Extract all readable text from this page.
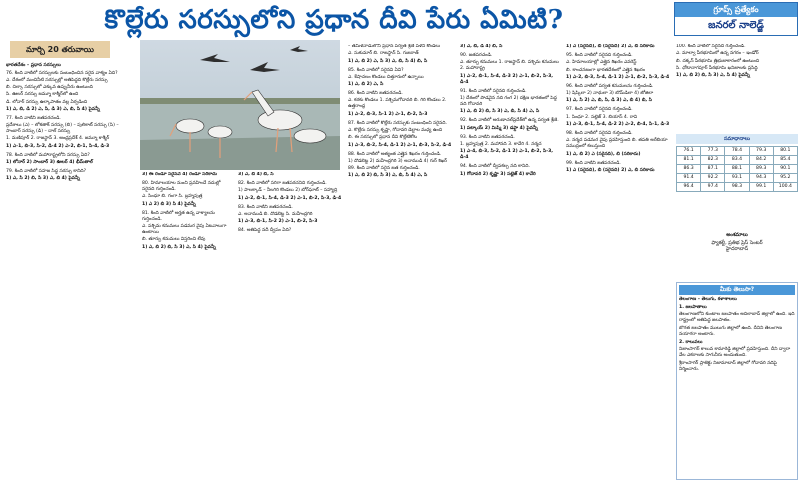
కొల్లేరు సరస్సులోని ప్రధాన దీవి పేరు ఏమిటి?	గ్రూప్స్ ప్రత్యేకం
జనరల్ నాలెడ్జ్
మార్చి 20 తరువాయి

భారతదేశం – ప్రధాన సరస్సులు

76. కింది వాటిలో సరస్సులకు సంబంధించిన సరైన వాక్యం ఏది?

ఎ. దేశంలో మంచినీటి సరస్సుల్లో అతిపెద్దది కొల్లేరు సరస్సు

బి. చిల్కా సరస్సులో ఎక్కువ ఉప్పునీరు ఉంటుంది

సి. ఊలర్ సరస్సు జమ్మూ కాశ్మీర్‌లో ఉంది

డి. లోనార్ సరస్సు ఉల్కాపాతం వల్ల ఏర్పడింది

1) ఎ, బి, డి 2) ఎ, సి, డి 3) ఎ, బి, సి 4) పైవన్నీ

77. కింది వాటిని జతపరచండి.

ప్రదేశాలు (ఎ) – లోకతాక్ సరస్సు (బి) – పులికాట్ సరస్సు (సి) – సాంబార్ సరస్సు (డి) – దాల్ సరస్సు

1. మణిపూర్ 2. రాజస్థాన్ 3. ఆంధ్రప్రదేశ్ 4. జమ్మూ కాశ్మీర్

1) ఎ-1, బి-3, సి-2, డి-4 2) ఎ-2, బి-1, సి-4, డి-3

78. కింది వాటిలో మహారాష్ట్రలోని సరస్సు ఏది?

1) లోనార్ 2) సాంబార్ 3) ఊలర్ 4) భీమ్‌తాల్

79. కింది వాటిలో సహజ సిద్ధ సరస్సు కానిది?

1) ఎ, సి 2) బి, సి 3) ఎ, బి 4) పైవన్నీ

3) ఈ రెండూ సరైనవే 4) రెండూ సరికాదు

80. హిమాలయాల నుంచి ప్రవహించే నదుల్లో సరైనది గుర్తించండి.

ఎ. సింధూ బి. గంగా సి. బ్రహ్మపుత్ర

1) ఎ 2) బి 3) సి 4) పైవన్నీ

81. కింది వాటిలో అర్హత ఉన్న వాక్యాలను గుర్తించండి.

ఎ. పశ్చిమ కనుమలు పడమర వైపు ఏటవాలుగా ఉంటాయి

బి. తూర్పు కనుమలు విస్తరించి లేవు

1) ఎ, బి 2) బి, సి 3) ఎ, సి 4) పైవన్నీ

3) ఎ, బి 4) బి, సి

82. కింది వాటిలో సరిగా జతపరచనిది గుర్తించండి.

1) పాలక్కాడ్ – నీలగిరి కొండలు 2) బోర్‌ఘాట్ – సహ్యాద్రి

1) ఎ-2, బి-1, సి-4, డి-3 2) ఎ-1, బి-2, సి-3, డి-4

83. కింది వాటిని జతపరచండి.

ఎ. అనాముడి బి. దొడబెట్ట సి. మహేంద్రగిరి

1) ఎ-3, బి-1, సి-2 2) ఎ-1, బి-2, సి-3

84. అతిపెద్ద నదీ ద్వీపం ఏది?

– తమిళనాడులోని ప్రధాన పర్వత శ్రేణి పళని కొండలు

ఎ. సుకుమార్ బి. రాజస్థాన్ సి. గుజరాత్

1) ఎ, బి 2) ఎ, సి 3) ఎ, బి, సి 4) బి, సి

85. కింది వాటిలో సరైనవి ఏవి?

ఎ. శేషాచలం కొండలు చిత్తూరులో ఉన్నాయి

1) ఎ, బి 2) ఎ, సి

86. కింది వాటిని జతపరచండి.

ఎ. కరకు కొండలు 1. పశ్చిమగోదావరి బి. గిరి కొండలు 2. ఉత్తరాంధ్ర

1) ఎ-2, బి-3, సి-1 2) ఎ-1, బి-2, సి-3

87. కింది వాటిలో కొల్లేరు సరస్సుకు సంబంధించి సరైనది.

ఎ. కొల్లేరు సరస్సు కృష్ణా, గోదావరి డెల్టాల మధ్య ఉంది

బి. ఈ సరస్సులో ప్రధాన దీవి కొల్లేటికోట

1) ఎ-3, బి-2, సి-4, డి-1 2) ఎ-1, బి-3, సి-2, డి-4

88. కింది వాటిలో అత్యంత ఎత్తైన శిఖరం గుర్తించండి.

1) దొడబెట్ట 2) మహేంద్రగిరి 3) అనాముడి 4) గుర్ శిఖర్

89. కింది వాటిలో సరైన జత గుర్తించండి.

1) ఎ, బి 2) బి, సి 3) ఎ, బి, సి 4) ఎ, సి

3) ఎ, బి, డి 4) బి, సి

90. జతపరచండి.

ఎ. తూర్పు కనుమలు 1. రాజస్థాన్ బి. పశ్చిమ కనుమలు 2. మహారాష్ట్ర

1) ఎ-2, బి-1, సి-4, డి-3 2) ఎ-1, బి-2, సి-3, డి-4

91. కింది వాటిలో సరైనది గుర్తించండి.

1) దేశంలో పొడవైన నది గంగ 2) దక్షిణ భారతంలో పెద్ద నది గోదావరి

1) ఎ, బి 2) బి, సి 3) ఎ, బి, సి 4) ఎ, సి

92. కింది వాటిలో అరుణాచల్‌ప్రదేశ్‌లో ఉన్న పర్వత శ్రేణి.

1) పట్కాయ్ 2) మిష్మి 3) డఫ్లా 4) పైవన్నీ

93. కింది వాటిని జతపరచండి.

1. బ్రహ్మపుత్ర 2. మహానది 3. కావేరి 4. నర్మద

1) ఎ-4, బి-3, సి-2, డి-1 2) ఎ-1, బి-2, సి-3, డి-4

94. కింది వాటిలో ద్వీపకల్ప నది కానిది.

1) గోదావరి 2) కృష్ణా 3) సట్లెజ్ 4) కావేరి

1) ఎ (సరైనది), బి (సరైనది) 2) ఎ, బి సరికాదు

95. కింది వాటిలో సరైనది గుర్తించండి.

ఎ. హిమాలయాల్లో ఎత్తైన శిఖరం ఎవరెస్ట్

బి. కాంచనజంగా భారతదేశంలో ఎత్తైన శిఖరం

1) ఎ-2, బి-3, సి-4, డి-1 2) ఎ-1, బి-2, సి-3, డి-4

96. కింది వాటిలో పర్వత కనుమలను గుర్తించండి.

1) షిప్కిలా 2) నాథులా 3) బొమ్‌డిలా 4) జోజిలా

1) ఎ, సి 2) ఎ, బి, సి, డి 3) ఎ, బి 4) బి, సి

97. కింది వాటిలో సరైనది గుర్తించండి.

1. సింధూ 2. సట్లెజ్ 3. బియాస్ 4. రావి

1) ఎ-3, బి-1, సి-4, డి-2 2) ఎ-2, బి-4, సి-1, డి-3

98. కింది వాటిలో సరైనవి గుర్తించండి.

ఎ. నర్మద పడమర వైపు ప్రవహిస్తుంది బి. తపతి అరేబియా సముద్రంలో కలుస్తుంది

1) ఎ, బి 2) ఎ (సరైనది), బి (సరికాదు)

99. కింది వాటిని జతపరచండి.

1) ఎ (సరైనది), బి (సరైనది) 2) ఎ, బి సరికాదు

100. కింది వాటిలో సరైనది గుర్తించండి.

ఎ. మాల్వా పీఠభూమిలో ఉన్న నగరం – ఇండోర్

బి. దక్కన్ పీఠభూమి త్రిభుజాకారంలో ఉంటుంది

సి. ఛోటానాగపూర్ పీఠభూమి ఖనిజాలకు ప్రసిద్ధి

1) ఎ, బి 2) బి, సి 3) ఎ, సి 4) పైవన్నీ

సమాధానాలు
76.1	77.3	78.4	79.3	80.1
81.1	82.3	83.4	84.2	85.4
86.3	87.1	88.1	89.3	90.1
91.4	92.2	93.1	94.3	95.2
96.4	97.4	98.3	99.1	100.4
అంశమాలు
ఫ్యాకల్టీ, ప్రతిభ ప్రెస్ సెంటర్
హైదరాబాద్
మీకు తెలుసా?

తెలంగాణ – తెలుగు, కళాశాలలు

1. జలపాతాలు

తెలంగాణలోని కుంటాల జలపాతం అదిలాబాద్ జిల్లాలో ఉంది. ఇది రాష్ట్రంలో అతిపెద్ద జలపాతం.

బొగత జలపాతం ములుగు జిల్లాలో ఉంది. దీనిని తెలంగాణ నయాగరా అంటారు.

2. కాలువలు

నిజాంసాగర్ కాలువ కామారెడ్డి జిల్లాలో ప్రవహిస్తుంది. దీని ద్వారా వేల ఎకరాలకు సాగునీరు అందుతుంది.

శ్రీరాంసాగర్ ప్రాజెక్టు నిజామాబాద్ జిల్లాలో గోదావరి నదిపై నిర్మించారు.
